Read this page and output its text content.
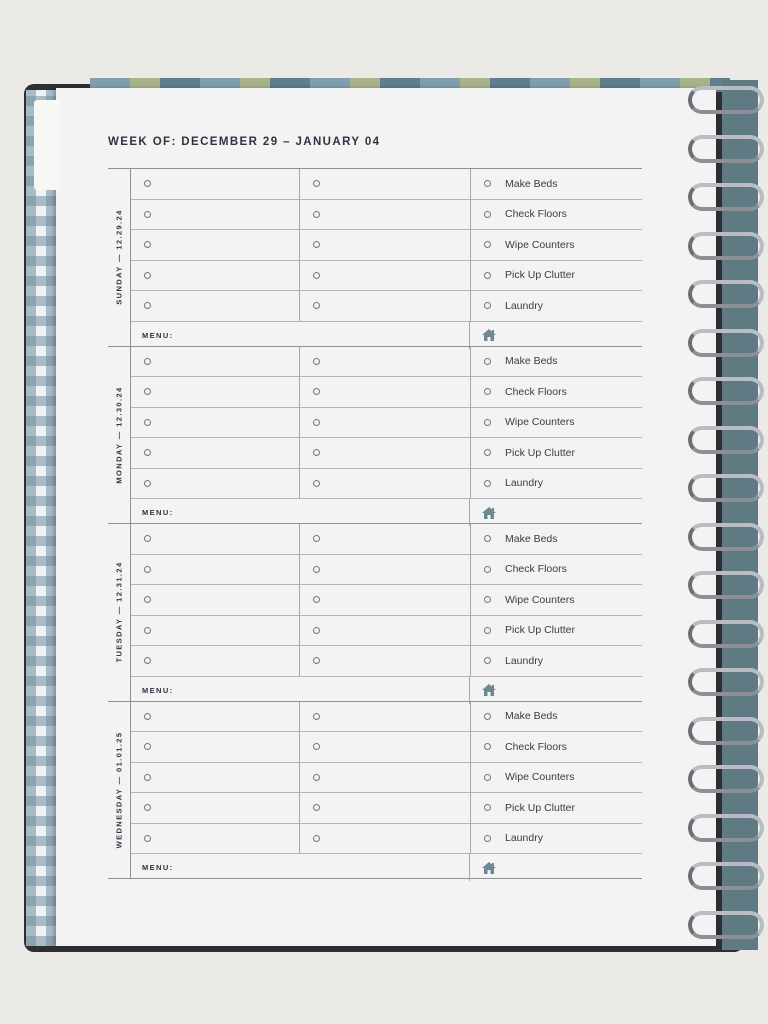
WEEK OF: DECEMBER 29 – JANUARY 04
SUNDAY — 12.29.24
Make Beds
Check Floors
Wipe Counters
Pick Up Clutter
Laundry
MENU:
MONDAY — 12.30.24
Make Beds
Check Floors
Wipe Counters
Pick Up Clutter
Laundry
MENU:
TUESDAY — 12.31.24
Make Beds
Check Floors
Wipe Counters
Pick Up Clutter
Laundry
MENU:
WEDNESDAY — 01.01.25
Make Beds
Check Floors
Wipe Counters
Pick Up Clutter
Laundry
MENU:
